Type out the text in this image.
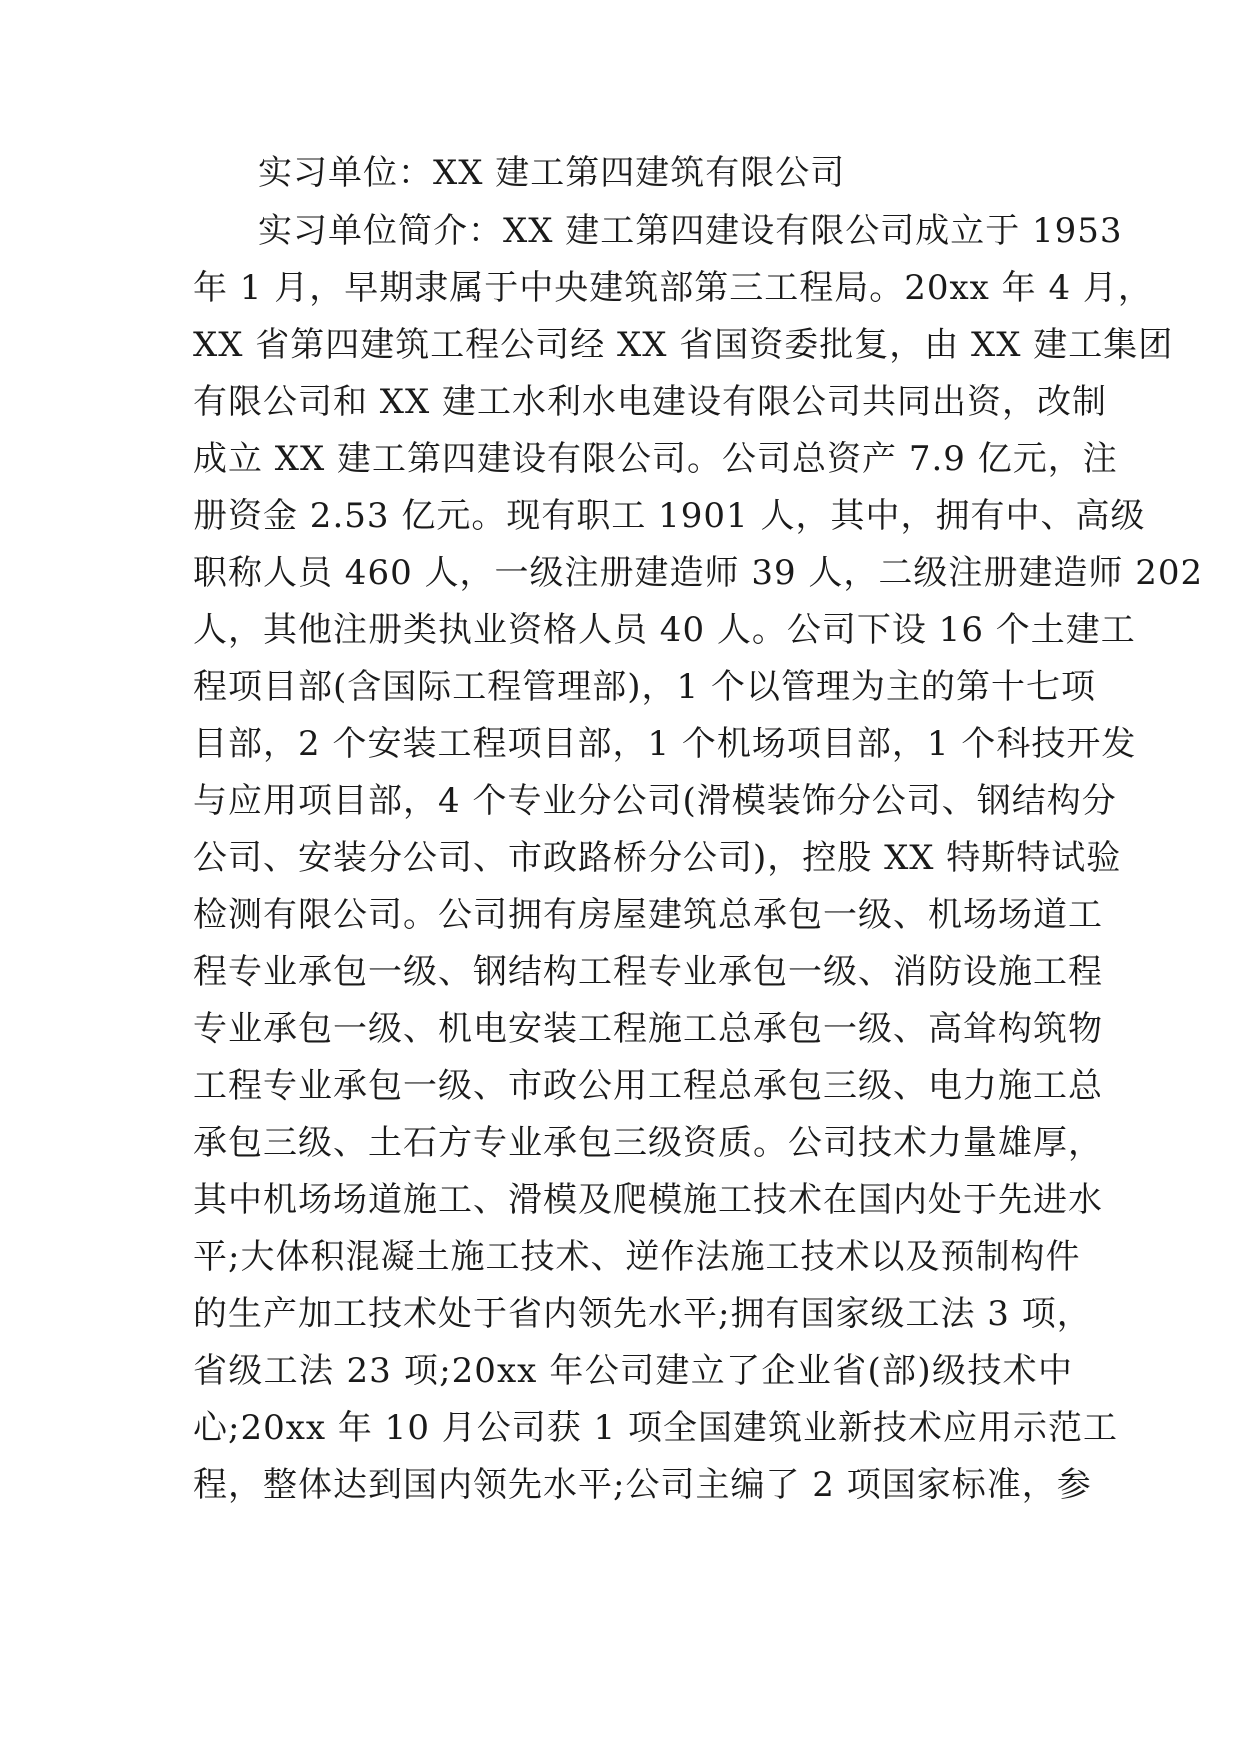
实习单位：XX 建工第四建筑有限公司
实习单位简介：XX 建工第四建设有限公司成立于 1953
年 1 月，早期隶属于中央建筑部第三工程局。20xx 年 4 月，
XX 省第四建筑工程公司经 XX 省国资委批复，由 XX 建工集团
有限公司和 XX 建工水利水电建设有限公司共同出资，改制
成立 XX 建工第四建设有限公司。公司总资产 7.9 亿元，注
册资金 2.53 亿元。现有职工 1901 人，其中，拥有中、高级
职称人员 460 人，一级注册建造师 39 人，二级注册建造师 202
人，其他注册类执业资格人员 40 人。公司下设 16 个土建工
程项目部(含国际工程管理部)，1 个以管理为主的第十七项
目部，2 个安装工程项目部，1 个机场项目部，1 个科技开发
与应用项目部，4 个专业分公司(滑模装饰分公司、钢结构分
公司、安装分公司、市政路桥分公司)，控股 XX 特斯特试验
检测有限公司。公司拥有房屋建筑总承包一级、机场场道工
程专业承包一级、钢结构工程专业承包一级、消防设施工程
专业承包一级、机电安装工程施工总承包一级、高耸构筑物
工程专业承包一级、市政公用工程总承包三级、电力施工总
承包三级、土石方专业承包三级资质。公司技术力量雄厚，
其中机场场道施工、滑模及爬模施工技术在国内处于先进水
平;大体积混凝土施工技术、逆作法施工技术以及预制构件
的生产加工技术处于省内领先水平;拥有国家级工法 3 项，
省级工法 23 项;20xx 年公司建立了企业省(部)级技术中
心;20xx 年 10 月公司获 1 项全国建筑业新技术应用示范工
程，整体达到国内领先水平;公司主编了 2 项国家标准，参
